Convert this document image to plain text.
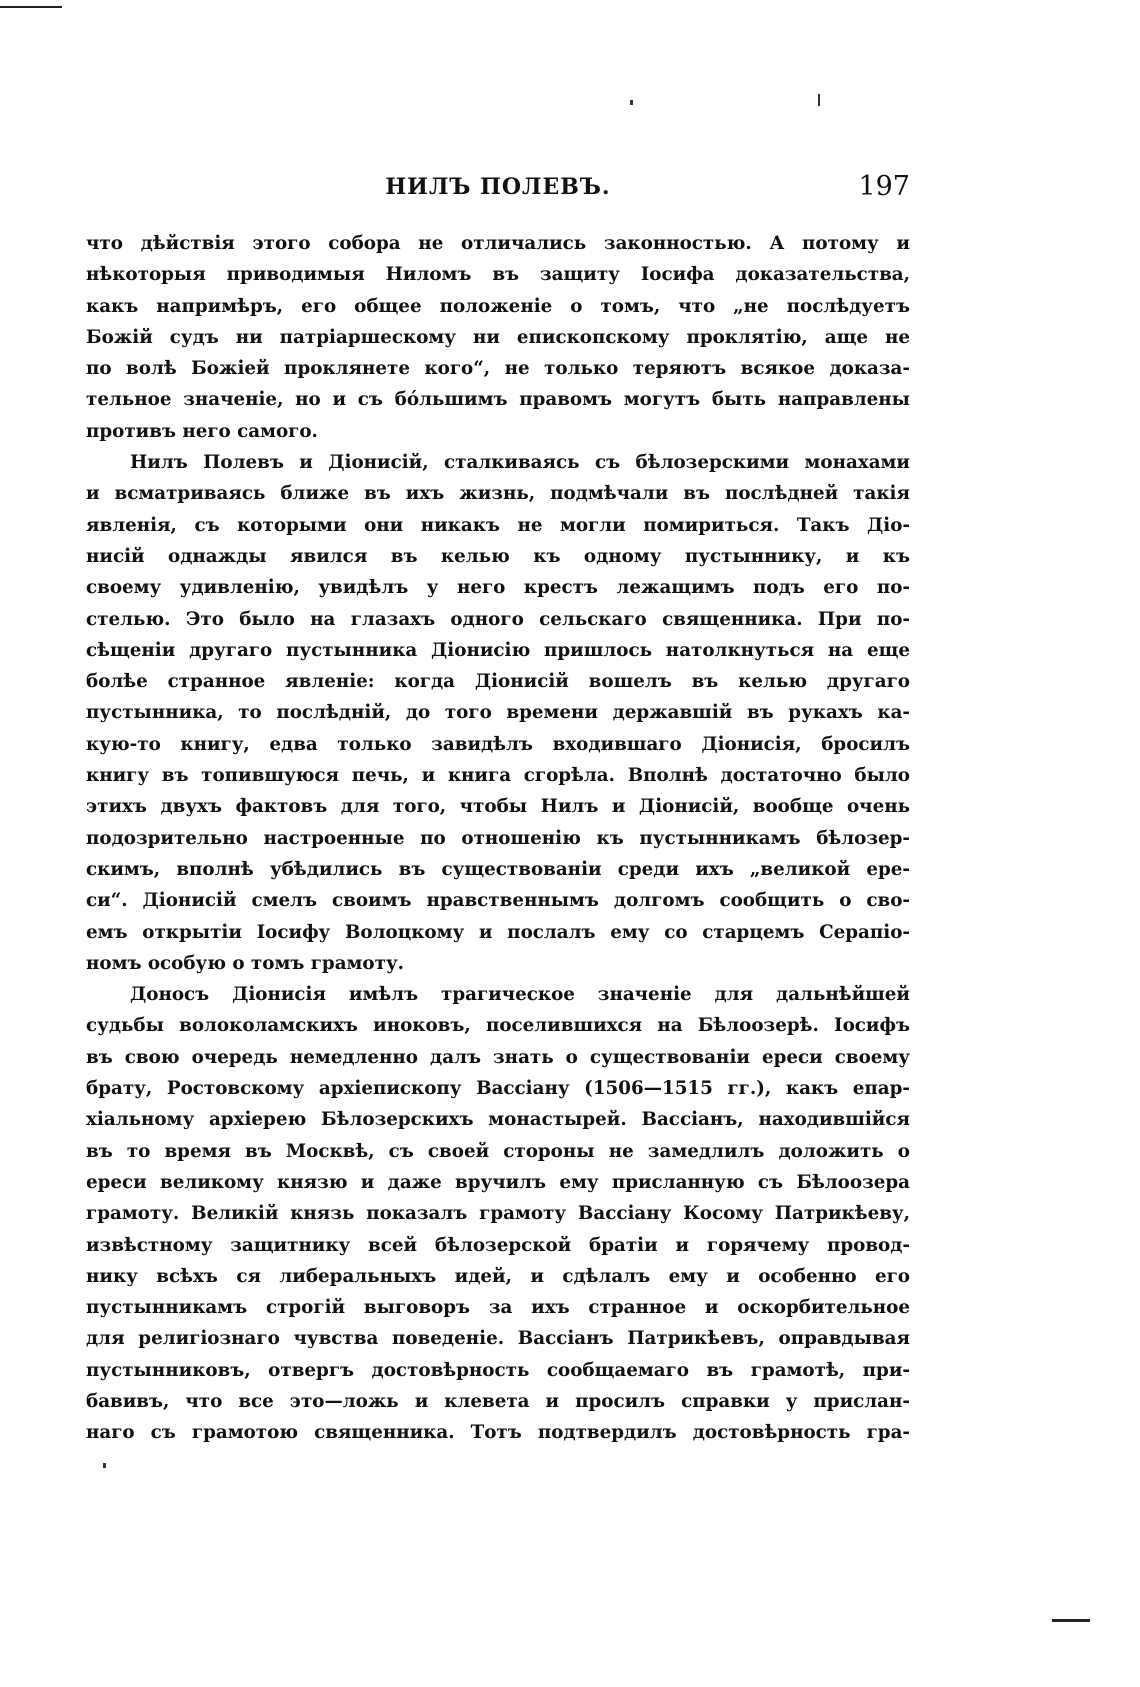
НИЛЪ ПОЛЕВЪ.	197
что дѣйствія этого собора не отличались законностью. А потому и
нѣкоторыя приводимыя Ниломъ въ защиту Іосифа доказательства,
какъ напримѣръ, его общее положеніе о томъ, что „не послѣдуетъ
Божій судъ ни патріаршескому ни епископскому проклятію, аще не
по волѣ Божіей проклянете кого“, не только теряютъ всякое доказа-
тельное значеніе, но и съ бо́льшимъ правомъ могутъ быть направлены
противъ него самого.
Нилъ Полевъ и Діонисій, сталкиваясь съ бѣлозерскими монахами
и всматриваясь ближе въ ихъ жизнь, подмѣчали въ послѣдней такія
явленія, съ которыми они никакъ не могли помириться. Такъ Діо-
нисій однажды явился въ келью къ одному пустыннику, и къ
своему удивленію, увидѣлъ у него крестъ лежащимъ подъ его по-
стелью. Это было на глазахъ одного сельскаго священника. При по-
сѣщеніи другаго пустынника Діонисію пришлось натолкнуться на еще
болѣе странное явленіе: когда Діонисій вошелъ въ келью другаго
пустынника, то послѣдній, до того времени державшій въ рукахъ ка-
кую-то книгу, едва только завидѣлъ входившаго Діонисія, бросилъ
книгу въ топившуюся печь, и книга сгорѣла. Вполнѣ достаточно было
этихъ двухъ фактовъ для того, чтобы Нилъ и Діонисій, вообще очень
подозрительно настроенные по отношенію къ пустынникамъ бѣлозер-
скимъ, вполнѣ убѣдились въ существованіи среди ихъ „великой ере-
си“. Діонисій смелъ своимъ нравственнымъ долгомъ сообщить о сво-
емъ открытіи Іосифу Волоцкому и послалъ ему со старцемъ Серапіо-
номъ особую о томъ грамоту.
Доносъ Діонисія имѣлъ трагическое значеніе для дальнѣйшей
судьбы волоколамскихъ иноковъ, поселившихся на Бѣлоозерѣ. Іосифъ
въ свою очередь немедленно далъ знать о существованіи ереси своему
брату, Ростовскому архіепископу Вассіану (1506—1515 гг.), какъ епар-
хіальному архіерею Бѣлозерскихъ монастырей. Вассіанъ, находившійся
въ то время въ Москвѣ, съ своей стороны не замедлилъ доложить о
ереси великому князю и даже вручилъ ему присланную съ Бѣлоозера
грамоту. Великій князь показалъ грамоту Вассіану Косому Патрикѣеву,
извѣстному защитнику всей бѣлозерской братіи и горячему провод-
нику всѣхъ ся либеральныхъ идей, и сдѣлалъ ему и особенно его
пустынникамъ строгій выговоръ за ихъ странное и оскорбительное
для религіознаго чувства поведеніе. Вассіанъ Патрикѣевъ, оправдывая
пустынниковъ, отвергъ достовѣрность сообщаемаго въ грамотѣ, при-
бавивъ, что все это—ложь и клевета и просилъ справки у прислан-
наго съ грамотою священника. Тотъ подтвердилъ достовѣрность гра-
